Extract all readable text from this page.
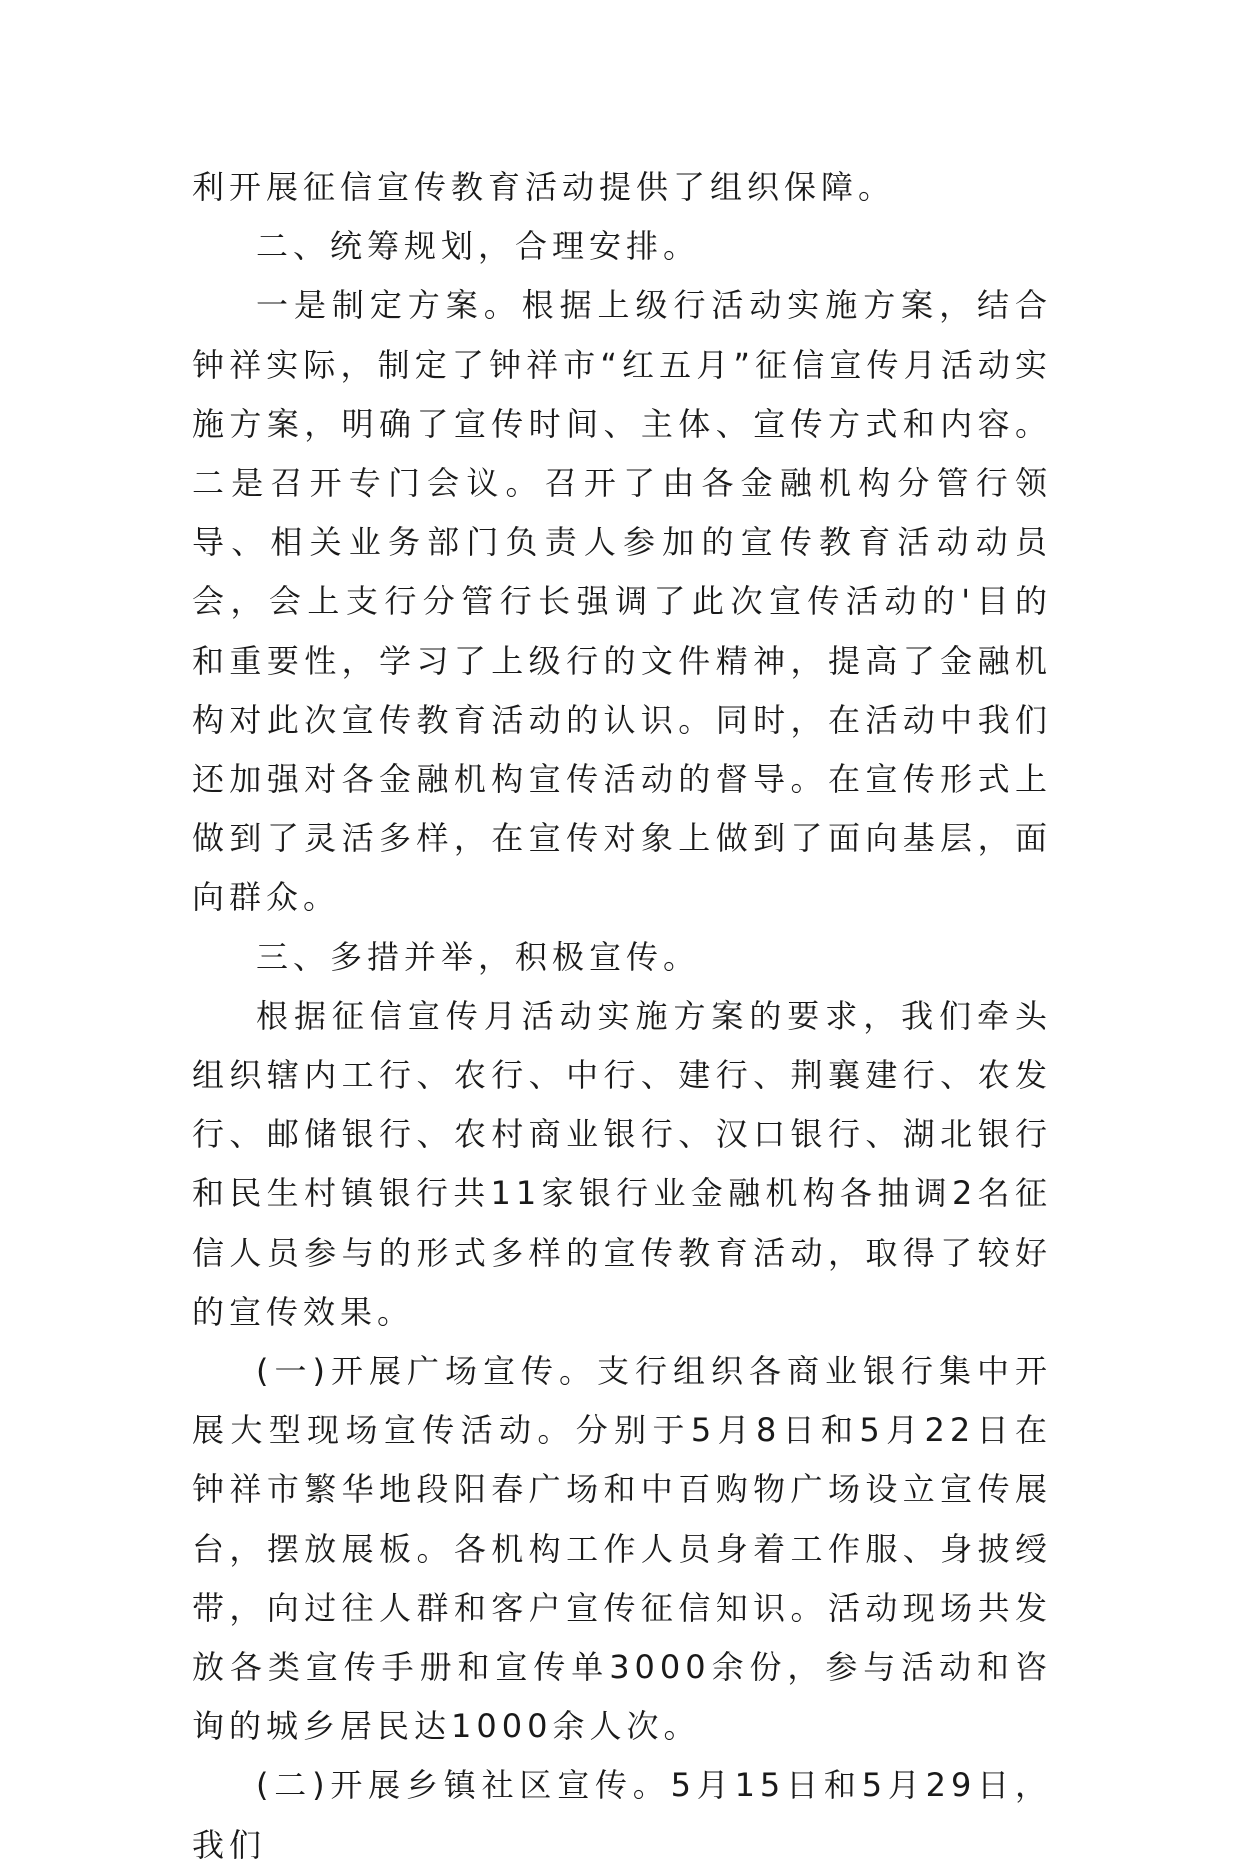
利开展征信宣传教育活动提供了组织保障。

二、统筹规划，合理安排。

一是制定方案。根据上级行活动实施方案，结合钟祥实际，制定了钟祥市“红五月”征信宣传月活动实施方案，明确了宣传时间、主体、宣传方式和内容。二是召开专门会议。召开了由各金融机构分管行领导、相关业务部门负责人参加的宣传教育活动动员会，会上支行分管行长强调了此次宣传活动的'目的和重要性，学习了上级行的文件精神，提高了金融机构对此次宣传教育活动的认识。同时，在活动中我们还加强对各金融机构宣传活动的督导。在宣传形式上做到了灵活多样，在宣传对象上做到了面向基层，面向群众。

三、多措并举，积极宣传。

根据征信宣传月活动实施方案的要求，我们牵头组织辖内工行、农行、中行、建行、荆襄建行、农发行、邮储银行、农村商业银行、汉口银行、湖北银行和民生村镇银行共11家银行业金融机构各抽调2名征信人员参与的形式多样的宣传教育活动，取得了较好的宣传效果。

(一)开展广场宣传。支行组织各商业银行集中开展大型现场宣传活动。分别于5月8日和5月22日在钟祥市繁华地段阳春广场和中百购物广场设立宣传展台，摆放展板。各机构工作人员身着工作服、身披绶带，向过往人群和客户宣传征信知识。活动现场共发放各类宣传手册和宣传单3000余份，参与活动和咨询的城乡居民达1000余人次。

(二)开展乡镇社区宣传。5月15日和5月29日，我们
